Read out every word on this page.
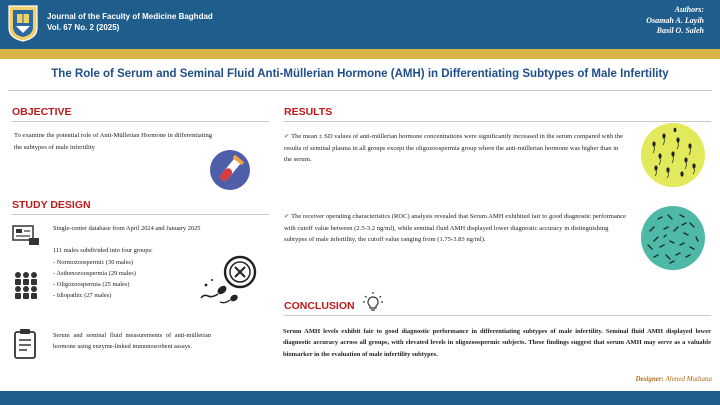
Journal of the Faculty of Medicine Baghdad
Vol. 67 No. 2 (2025)
Authors:
Osamah A. Layih
Basil O. Saleh
The Role of Serum and Seminal Fluid Anti-Müllerian Hormone (AMH) in Differentiating Subtypes of Male Infertility
OBJECTIVE
To examine the potential role of Anti-Müllerian Hormone in differentiating the subtypes of male infertility
STUDY DESIGN
Single-center database from April 2024 and January 2025
111 males subdivided into four groups:
- Normozoospermic (30 males)
- Asthenozoospermia (29 males)
- Oligozoospermia (25 males)
- Idiopathic (27 males)
Serum and seminal fluid measurements of anti-müllerian hormone using enzyme-linked immunosorbent assays.
RESULTS
✔ The mean ± SD values of anti-müllerian hormone concentrations were significantly increased in the serum compared with the results of seminal plasma in all groups except the oligozoospermia group where the anti-müllerian hormone was higher than in the serum.
✔ The receiver operating characteristics (ROC) analysis revealed that Serum AMH exhibited fair to good diagnostic performance with cutoff value between (2.5-3.2 ng/ml), while seminal fluid AMH displayed lower diagnostic accuracy in distinguishing subtypes of male infertility, the cutoff value ranging from (1.75-3.83 ng/ml).
CONCLUSION
Serum AMH levels exhibit fair to good diagnostic performance in differentiating subtypes of male infertility. Seminal fluid AMH displayed lower diagnostic accuracy across all groups, with elevated levels in oligozoospermic subjects. These findings suggest that serum AMH may serve as a valuable biomarker in the evaluation of male infertility subtypes.
Designer: Ahmed Muthana
